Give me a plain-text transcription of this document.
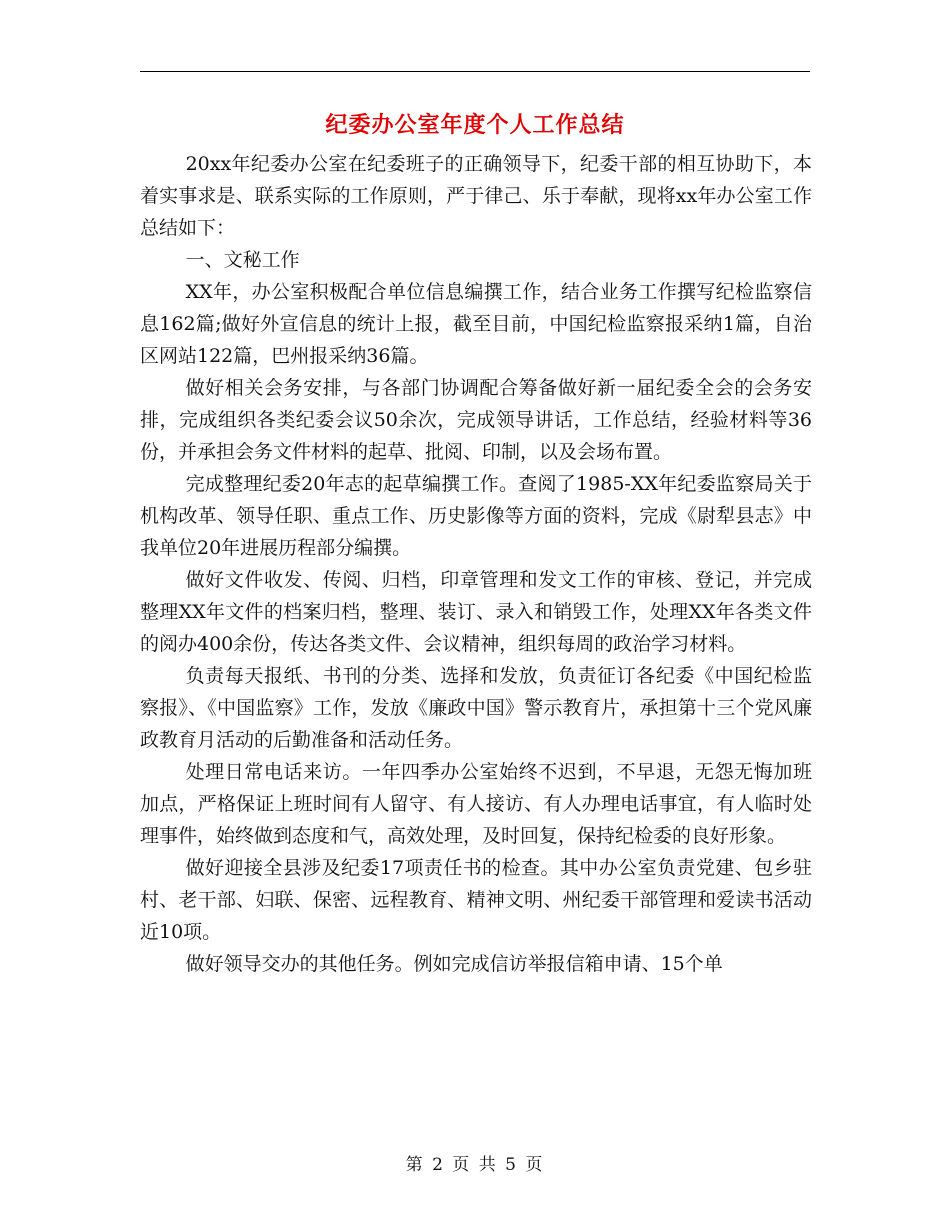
纪委办公室年度个人工作总结

20xx年纪委办公室在纪委班子的正确领导下，纪委干部的相互协助下，本着实事求是、联系实际的工作原则，严于律己、乐于奉献，现将xx年办公室工作总结如下：

一、文秘工作

XX年，办公室积极配合单位信息编撰工作，结合业务工作撰写纪检监察信息162篇;做好外宣信息的统计上报，截至目前，中国纪检监察报采纳1篇，自治区网站122篇，巴州报采纳36篇。

做好相关会务安排，与各部门协调配合筹备做好新一届纪委全会的会务安排，完成组织各类纪委会议50余次，完成领导讲话，工作总结，经验材料等36份，并承担会务文件材料的起草、批阅、印制，以及会场布置。

完成整理纪委20年志的起草编撰工作。查阅了1985-XX年纪委监察局关于机构改革、领导任职、重点工作、历史影像等方面的资料，完成《尉犁县志》中我单位20年进展历程部分编撰。

做好文件收发、传阅、归档，印章管理和发文工作的审核、登记，并完成整理XX年文件的档案归档，整理、装订、录入和销毁工作，处理XX年各类文件的阅办400余份，传达各类文件、会议精神，组织每周的政治学习材料。

负责每天报纸、书刊的分类、选择和发放，负责征订各纪委《中国纪检监察报》、《中国监察》工作，发放《廉政中国》警示教育片，承担第十三个党风廉政教育月活动的后勤准备和活动任务。

处理日常电话来访。一年四季办公室始终不迟到，不早退，无怨无悔加班加点，严格保证上班时间有人留守、有人接访、有人办理电话事宜，有人临时处理事件，始终做到态度和气，高效处理，及时回复，保持纪检委的良好形象。

做好迎接全县涉及纪委17项责任书的检查。其中办公室负责党建、包乡驻村、老干部、妇联、保密、远程教育、精神文明、州纪委干部管理和爱读书活动近10项。

做好领导交办的其他任务。例如完成信访举报信箱申请、15个单

第 2 页 共 5 页
